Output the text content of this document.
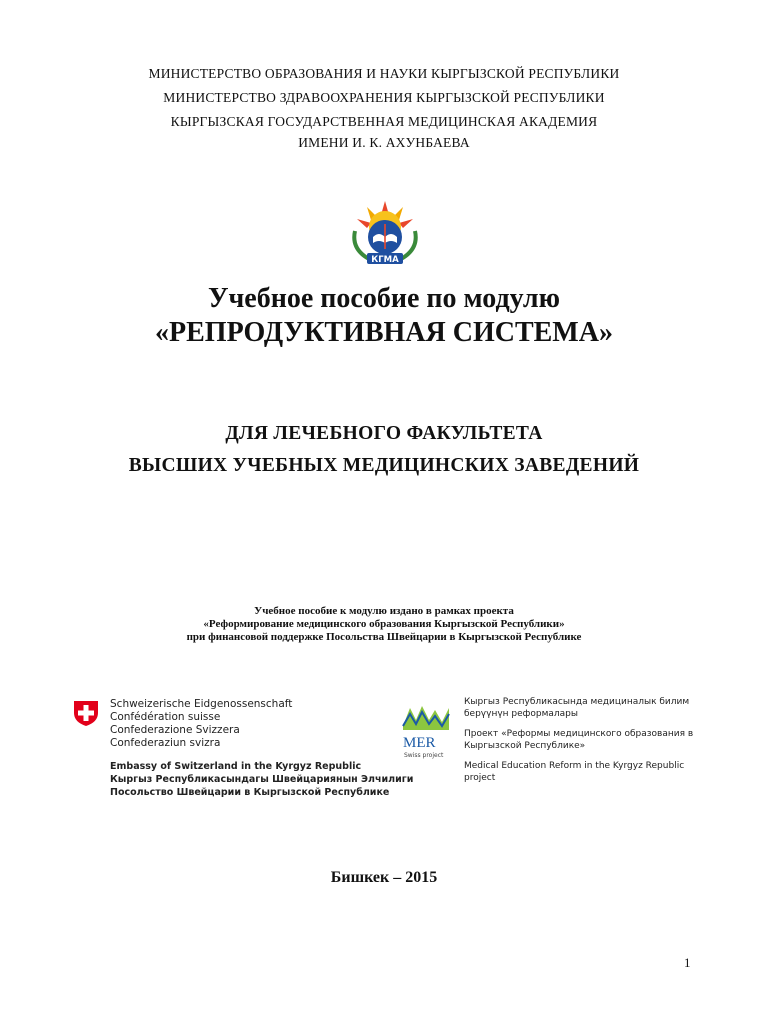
МИНИСТЕРСТВО ОБРАЗОВАНИЯ И НАУКИ КЫРГЫЗСКОЙ РЕСПУБЛИКИ
МИНИСТЕРСТВО ЗДРАВООХРАНЕНИЯ КЫРГЫЗСКОЙ РЕСПУБЛИКИ
КЫРГЫЗСКАЯ ГОСУДАРСТВЕННАЯ МЕДИЦИНСКАЯ АКАДЕМИЯ
ИМЕНИ И. К. АХУНБАЕВА
КГМА
Учебное пособие по модулю
«РЕПРОДУКТИВНАЯ СИСТЕМА»
ДЛЯ ЛЕЧЕБНОГО ФАКУЛЬТЕТА
ВЫСШИХ УЧЕБНЫХ МЕДИЦИНСКИХ ЗАВЕДЕНИЙ
Учебное пособие к модулю издано в рамках проекта
«Реформирование медицинского образования Кыргызской Республики»
при финансовой поддержке Посольства Швейцарии в Кыргызской Республике
Schweizerische Eidgenossenschaft
Confédération suisse
Confederazione Svizzera
Confederaziun svizra
Embassy of Switzerland in the Kyrgyz Republic
Кыргыз Республикасындагы Швейцариянын Элчилиги
Посольство Швейцарии в Кыргызской Республике
MER
Swiss project
Кыргыз Республикасында медициналык билим берүүнүн реформалары
Проект «Реформы медицинского образования в Кыргызской Республике»
Medical Education Reform in the Kyrgyz Republic project
Бишкек – 2015
1
